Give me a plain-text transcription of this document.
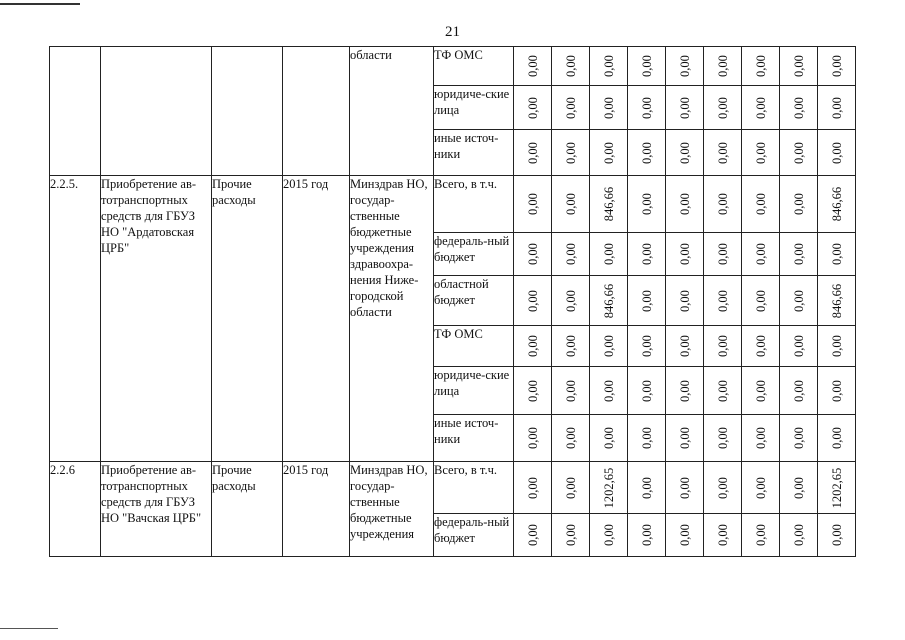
21
				области	ТФ ОМС	0,00	0,00	0,00	0,00	0,00	0,00	0,00	0,00	0,00

					юридиче-ские лица	0,00	0,00	0,00	0,00	0,00	0,00	0,00	0,00	0,00

					иные источ-ники	0,00	0,00	0,00	0,00	0,00	0,00	0,00	0,00	0,00

2.2.5.	Приобретение ав-тотранспортных средств для ГБУЗ НО "Ардатовская ЦРБ"	Прочие расходы	2015 год	Минздрав НО, государ-ственные бюджетные учреждения здравоохра-нения Ниже-городской области	Всего, в т.ч.	0,00	0,00	846,66	0,00	0,00	0,00	0,00	0,00	846,66

					федераль-ный бюджет	0,00	0,00	0,00	0,00	0,00	0,00	0,00	0,00	0,00

					областной бюджет	0,00	0,00	846,66	0,00	0,00	0,00	0,00	0,00	846,66

					ТФ ОМС	0,00	0,00	0,00	0,00	0,00	0,00	0,00	0,00	0,00

					юридиче-ские лица	0,00	0,00	0,00	0,00	0,00	0,00	0,00	0,00	0,00

					иные источ-ники	0,00	0,00	0,00	0,00	0,00	0,00	0,00	0,00	0,00

2.2.6	Приобретение ав-тотранспортных средств для ГБУЗ НО "Вачская ЦРБ"	Прочие расходы	2015 год	Минздрав НО, государ-ственные бюджетные учреждения	Всего, в т.ч.	0,00	0,00	1202,65	0,00	0,00	0,00	0,00	0,00	1202,65

					федераль-ный бюджет	0,00	0,00	0,00	0,00	0,00	0,00	0,00	0,00	0,00
